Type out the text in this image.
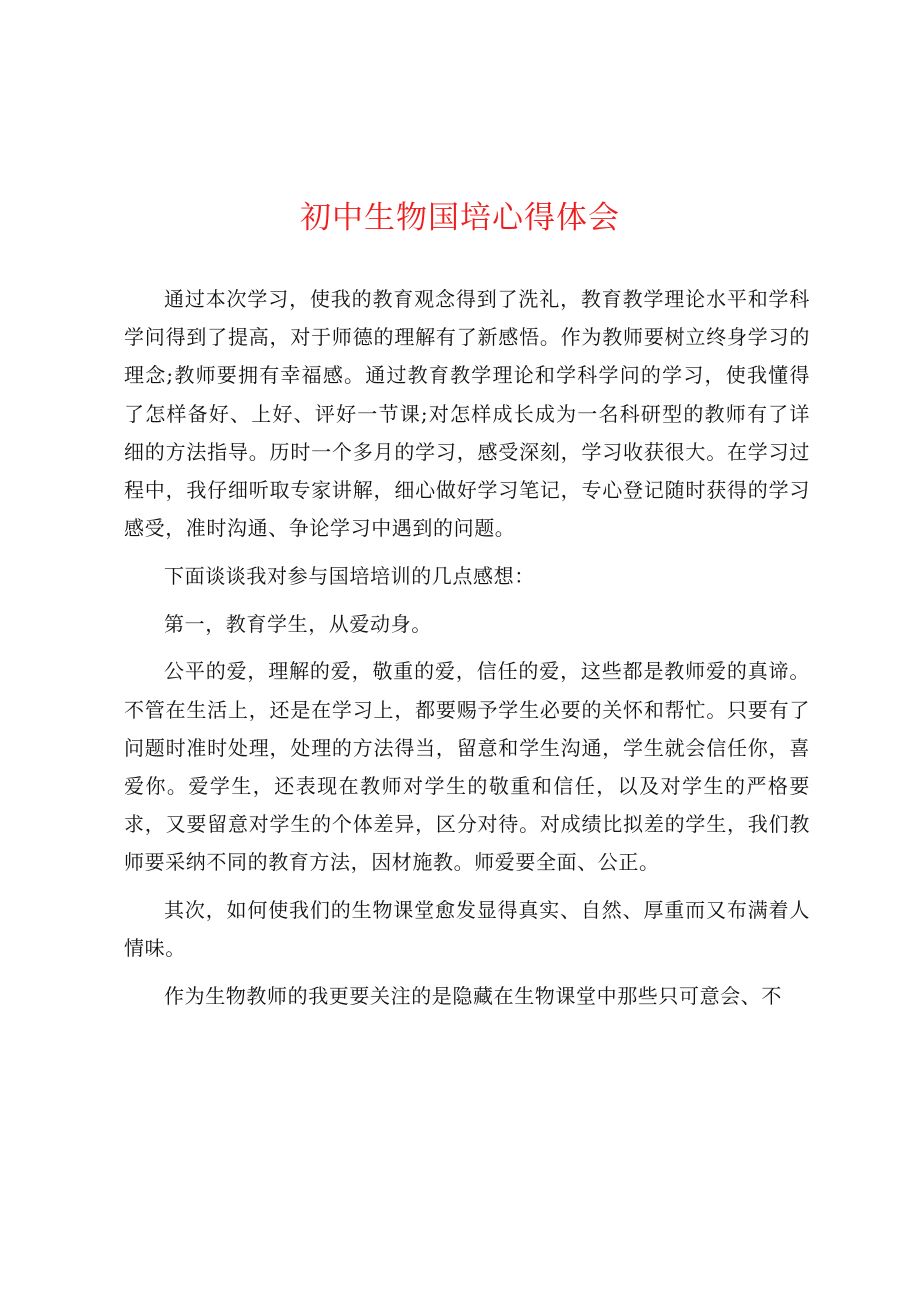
初中生物国培心得体会

通过本次学习，使我的教育观念得到了洗礼，教育教学理论水平和学科学问得到了提高，对于师德的理解有了新感悟。作为教师要树立终身学习的理念;教师要拥有幸福感。通过教育教学理论和学科学问的学习，使我懂得了怎样备好、上好、评好一节课;对怎样成长成为一名科研型的教师有了详细的方法指导。历时一个多月的学习，感受深刻，学习收获很大。在学习过程中，我仔细听取专家讲解，细心做好学习笔记，专心登记随时获得的学习感受，准时沟通、争论学习中遇到的问题。

下面谈谈我对参与国培培训的几点感想：

第一，教育学生，从爱动身。

公平的爱，理解的爱，敬重的爱，信任的爱，这些都是教师爱的真谛。不管在生活上，还是在学习上，都要赐予学生必要的关怀和帮忙。只要有了问题时准时处理，处理的方法得当，留意和学生沟通，学生就会信任你，喜爱你。爱学生，还表现在教师对学生的敬重和信任，以及对学生的严格要求，又要留意对学生的个体差异，区分对待。对成绩比拟差的学生，我们教师要采纳不同的教育方法，因材施教。师爱要全面、公正。

其次，如何使我们的生物课堂愈发显得真实、自然、厚重而又布满着人情味。

作为生物教师的我更要关注的是隐藏在生物课堂中那些只可意会、不
